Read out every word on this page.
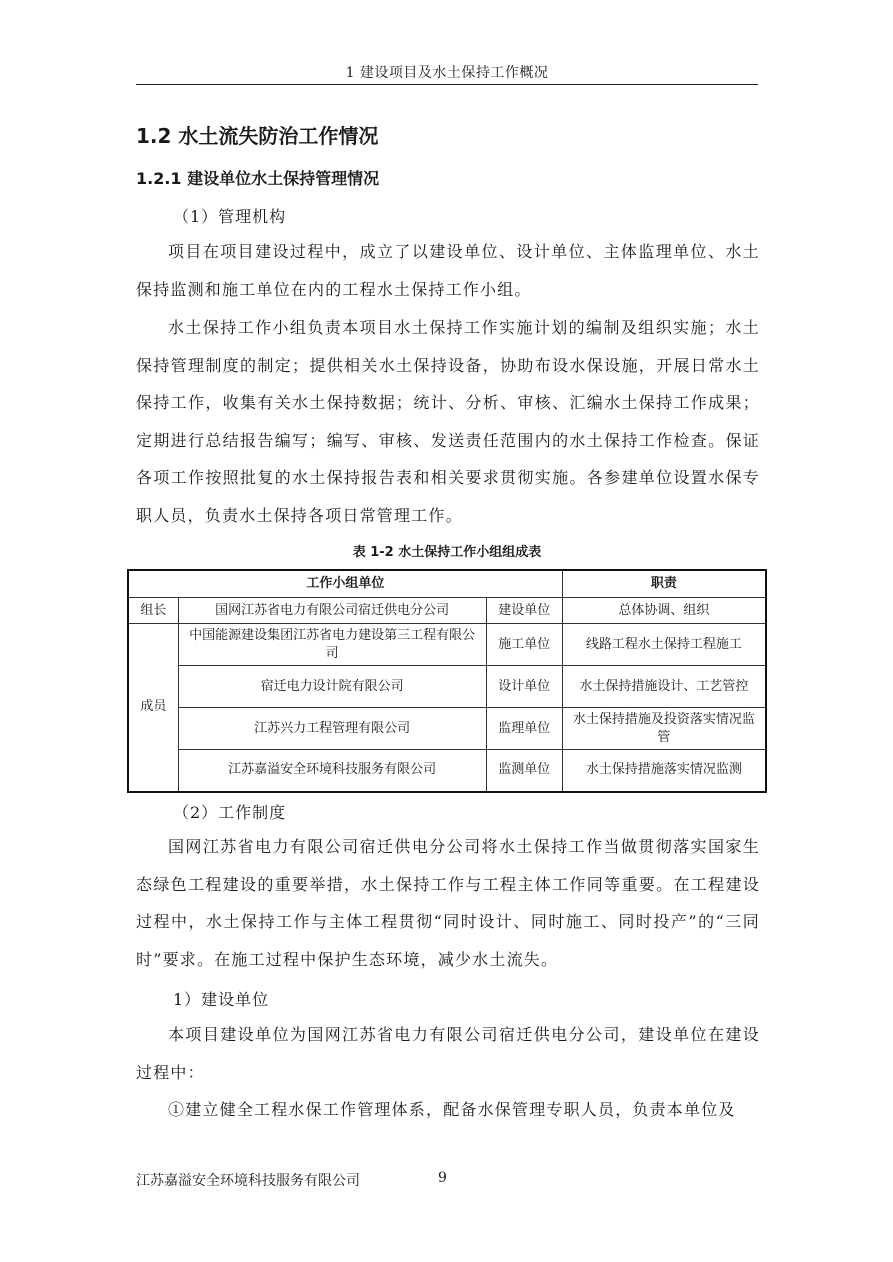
1 建设项目及水土保持工作概况
1.2 水土流失防治工作情况
1.2.1 建设单位水土保持管理情况
（1）管理机构

项目在项目建设过程中，成立了以建设单位、设计单位、主体监理单位、水土保持监测和施工单位在内的工程水土保持工作小组。

水土保持工作小组负责本项目水土保持工作实施计划的编制及组织实施；水土保持管理制度的制定；提供相关水土保持设备，协助布设水保设施，开展日常水土保持工作，收集有关水土保持数据；统计、分析、审核、汇编水土保持工作成果；定期进行总结报告编写；编写、审核、发送责任范围内的水土保持工作检查。保证各项工作按照批复的水土保持报告表和相关要求贯彻实施。各参建单位设置水保专职人员，负责水土保持各项日常管理工作。

表 1-2 水土保持工作小组组成表
工作小组单位			职责
组长	国网江苏省电力有限公司宿迁供电分公司	建设单位	总体协调、组织
成员	中国能源建设集团江苏省电力建设第三工程有限公司	施工单位	线路工程水土保持工程施工
	宿迁电力设计院有限公司	设计单位	水土保持措施设计、工艺管控
	江苏兴力工程管理有限公司	监理单位	水土保持措施及投资落实情况监管
	江苏嘉溢安全环境科技服务有限公司	监测单位	水土保持措施落实情况监测
（2）工作制度

国网江苏省电力有限公司宿迁供电分公司将水土保持工作当做贯彻落实国家生态绿色工程建设的重要举措，水土保持工作与工程主体工作同等重要。在工程建设过程中，水土保持工作与主体工程贯彻“同时设计、同时施工、同时投产”的“三同时”要求。在施工过程中保护生态环境，减少水土流失。

1）建设单位

本项目建设单位为国网江苏省电力有限公司宿迁供电分公司，建设单位在建设过程中：

①建立健全工程水保工作管理体系，配备水保管理专职人员，负责本单位及

江苏嘉溢安全环境科技服务有限公司	9
